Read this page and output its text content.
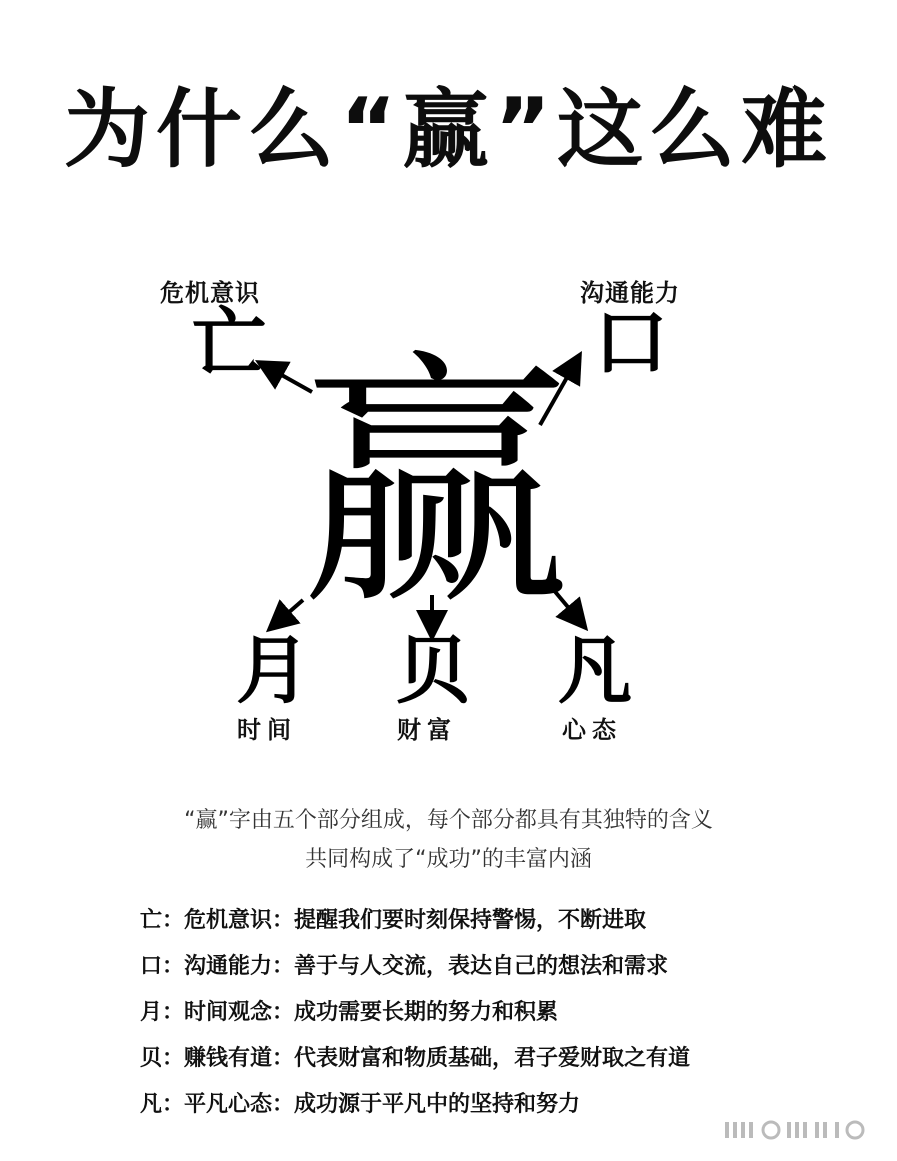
为什么“赢”这么难
赢
危机意识
亡
沟通能力
口
月
时间
贝
财富
凡
心态
“赢”字由五个部分组成，每个部分都具有其独特的含义
共同构成了“成功”的丰富内涵
亡：危机意识：提醒我们要时刻保持警惕，不断进取
口：沟通能力：善于与人交流，表达自己的想法和需求
月：时间观念：成功需要长期的努力和积累
贝：赚钱有道：代表财富和物质基础，君子爱财取之有道
凡：平凡心态：成功源于平凡中的坚持和努力
